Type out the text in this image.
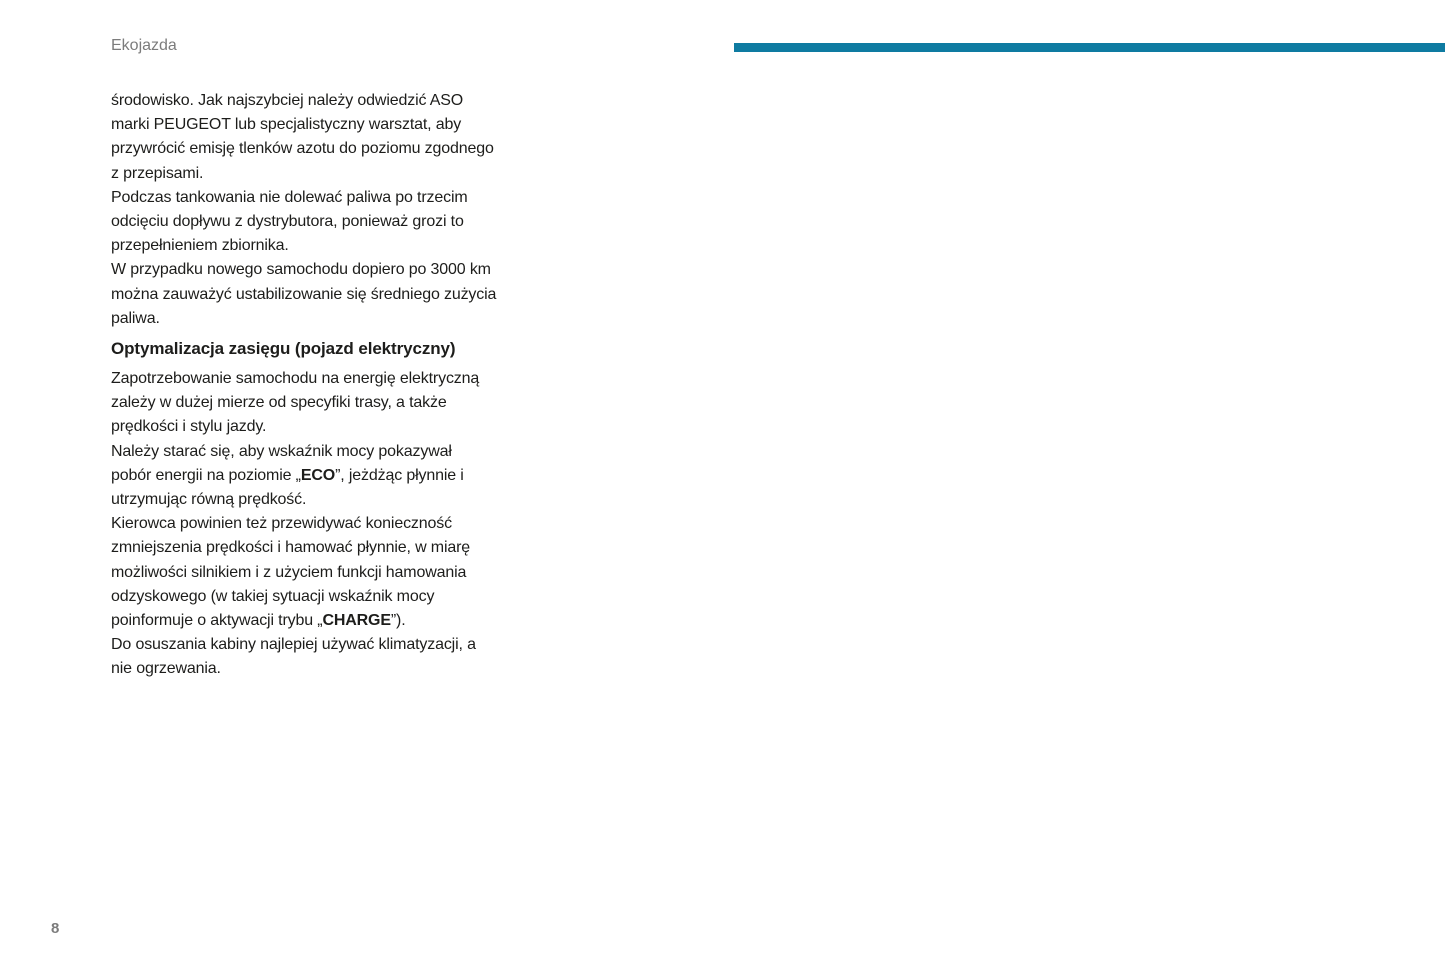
Ekojazda

środowisko. Jak najszybciej należy odwiedzić ASO
marki PEUGEOT lub specjalistyczny warsztat, aby
przywrócić emisję tlenków azotu do poziomu zgodnego
z przepisami.

Podczas tankowania nie dolewać paliwa po trzecim
odcięciu dopływu z dystrybutora, ponieważ grozi to
przepełnieniem zbiornika.

W przypadku nowego samochodu dopiero po 3000 km
można zauważyć ustabilizowanie się średniego zużycia
paliwa.

Optymalizacja zasięgu (pojazd elektryczny)

Zapotrzebowanie samochodu na energię elektryczną
zależy w dużej mierze od specyfiki trasy, a także
prędkości i stylu jazdy.

Należy starać się, aby wskaźnik mocy pokazywał
pobór energii na poziomie „ECO”, jeżdżąc płynnie i
utrzymując równą prędkość.

Kierowca powinien też przewidywać konieczność
zmniejszenia prędkości i hamować płynnie, w miarę
możliwości silnikiem i z użyciem funkcji hamowania
odzyskowego (w takiej sytuacji wskaźnik mocy
poinformuje o aktywacji trybu „CHARGE”).

Do osuszania kabiny najlepiej używać klimatyzacji, a
nie ogrzewania.

8
